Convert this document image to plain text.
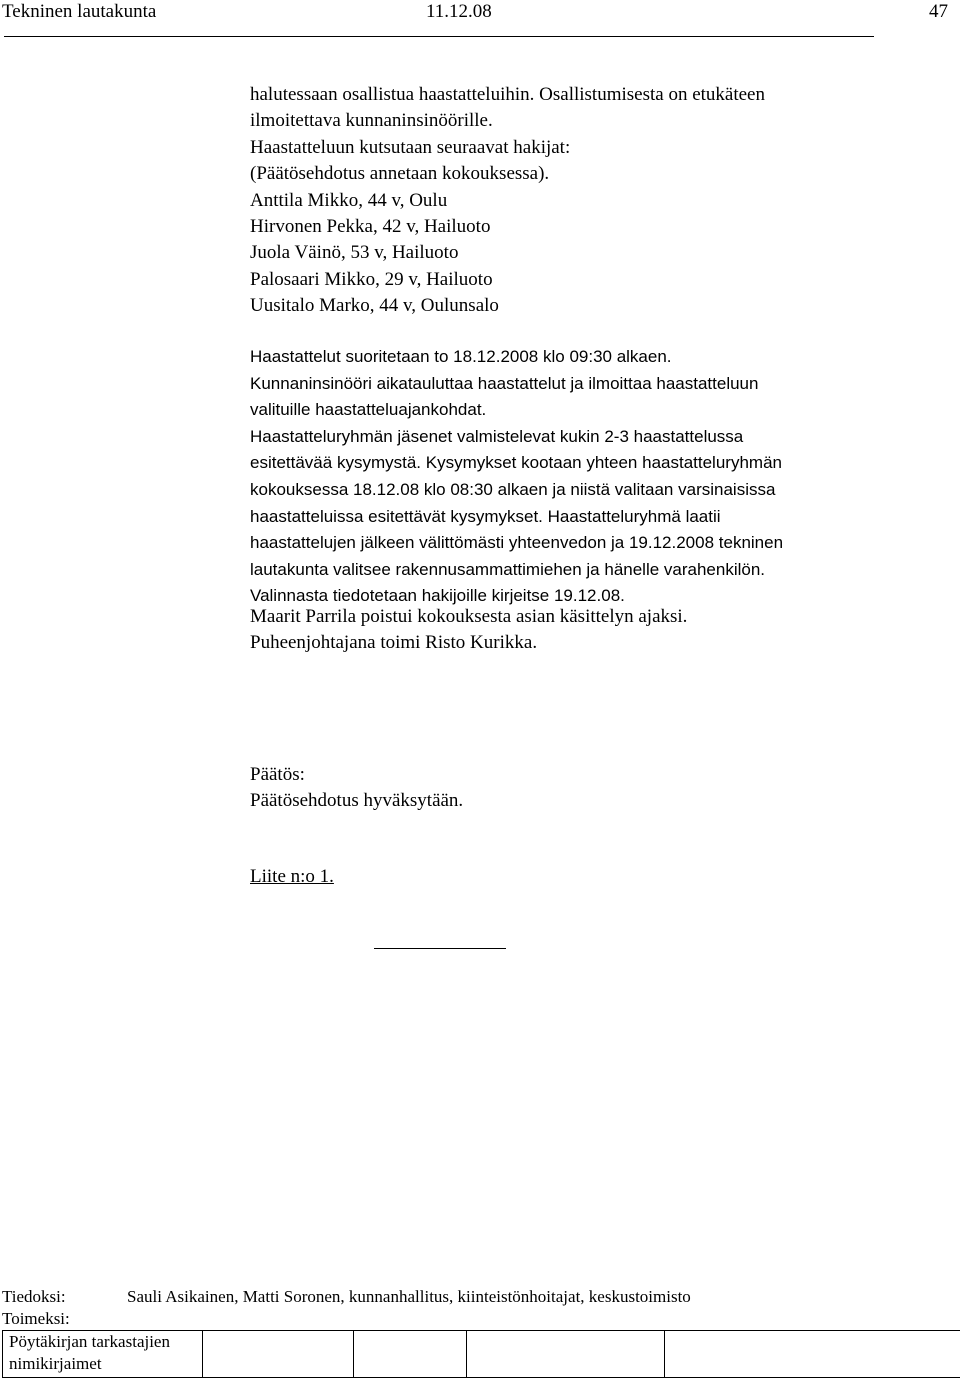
Tekninen lautakunta	11.12.08	47
halutessaan osallistua haastatteluihin. Osallistumisesta on etukäteen
ilmoitettava kunnaninsinöörille.
Haastatteluun kutsutaan seuraavat hakijat:
(Päätösehdotus annetaan kokouksessa).
Anttila Mikko, 44 v, Oulu
Hirvonen Pekka, 42 v, Hailuoto
Juola Väinö, 53 v, Hailuoto
Palosaari Mikko, 29 v, Hailuoto
Uusitalo Marko, 44 v, Oulunsalo
Haastattelut suoritetaan to 18.12.2008 klo 09:30 alkaen.
Kunnaninsinööri aikatauluttaa haastattelut ja ilmoittaa haastatteluun
valituille haastatteluajankohdat.
Haastatteluryhmän jäsenet valmistelevat kukin 2-3 haastattelussa
esitettävää kysymystä. Kysymykset kootaan yhteen haastatteluryhmän
kokouksessa 18.12.08 klo 08:30 alkaen ja niistä valitaan varsinaisissa
haastatteluissa esitettävät kysymykset. Haastatteluryhmä laatii
haastattelujen jälkeen välittömästi yhteenvedon ja 19.12.2008 tekninen
lautakunta valitsee rakennusammattimiehen ja hänelle varahenkilön.
Valinnasta tiedotetaan hakijoille kirjeitse 19.12.08.
Maarit Parrila poistui kokouksesta asian käsittelyn ajaksi.
Puheenjohtajana toimi Risto Kurikka.
Päätös:
Päätösehdotus hyväksytään.
Liite n:o 1.
Tiedoksi:	Sauli Asikainen, Matti Soronen, kunnanhallitus, kiinteistönhoitajat, keskustoimisto
Toimeksi:
Pöytäkirjan tarkastajien
nimikirjaimet
